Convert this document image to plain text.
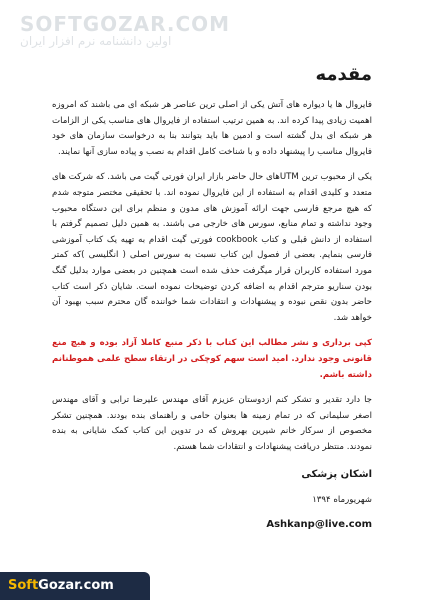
SOFTGOZAR.COM
اولین دانشنامه نرم افزار ایران
مقدمه

فایروال ها یا دیواره های آتش یکی از اصلی ترین عناصر هر شبکه ای می باشند که امروزه اهمیت زیادی پیدا کرده اند. به همین ترتیب استفاده از فایروال های مناسب یکی از الزامات هر شبکه ای بدل گشته است و ادمین ها باید بتوانند بنا به درخواست سازمان های خود فایروال مناسب را پیشنهاد داده و با شناخت کامل اقدام به نصب و پیاده سازی آنها نمایند.

یکی از محبوب ترین UTMهای حال حاضر بازار ایران فورتی گیت می باشد. که شرکت های متعدد و کلیدی اقدام به استفاده از این فایروال نموده اند. با تحقیقی مختصر متوجه شدم که هیچ مرجع فارسی جهت ارائه آموزش های مدون و منظم برای این دستگاه محبوب وجود نداشته و تمام منابع، سورس های خارجی می باشند. به همین دلیل تصمیم گرفتم با استفاده از دانش قبلی و کتاب cookbook فورتی گیت اقدام به تهیه یک کتاب آموزشی فارسی بنمایم. بعضی از فصول این کتاب نسبت به سورس اصلی ( انگلیسی )که کمتر مورد استفاده کاربران قرار میگرفت حذف شده است همچنین در بعضی موارد بدلیل گنگ بودن سناریو مترجم اقدام به اضافه کردن توضیحات نموده است. شایان ذکر است کتاب حاضر بدون نقص نبوده و پیشنهادات و انتقادات شما خواننده گان محترم سبب بهبود آن خواهد شد.

کپی برداری و نشر مطالب این کتاب با ذکر منبع کاملا آزاد بوده و هیچ منع قانونی وجود ندارد. امید است سهم کوچکی در ارتقاء سطح علمی هموطنانم داشته باشم.

جا دارد تقدیر و تشکر کنم ازدوستان عزیزم آقای مهندس علیرضا ترابی و آقای مهندس اصغر سلیمانی که در تمام زمینه ها بعنوان حامی و راهنمای بنده بودند. همچنین تشکر مخصوص از سرکار خانم شیرین بهروش که در تدوین این کتاب کمک شایانی به بنده نمودند. منتظر دریافت پیشنهادات و انتقادات شما هستم.

اشکان پزشکی
شهریورماه ۱۳۹۴
Ashkanp@live.com
SoftGozar.com
